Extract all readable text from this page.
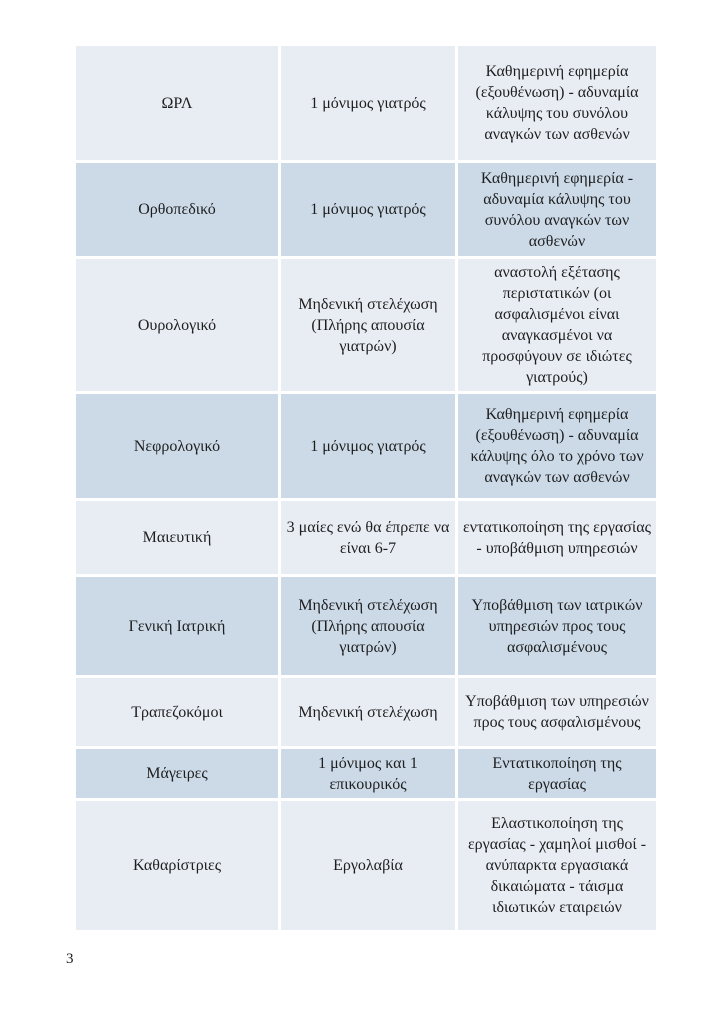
ΩΡΛ	1 μόνιμος γιατρός	Καθημερινή εφημερία (εξουθένωση) - αδυναμία κάλυψης του συνόλου αναγκών των ασθενών
Ορθοπεδικό	1 μόνιμος γιατρός	Καθημερινή εφημερία - αδυναμία κάλυψης του συνόλου αναγκών των ασθενών
Ουρολογικό	Μηδενική στελέχωση (Πλήρης απουσία γιατρών)	αναστολή εξέτασης περιστατικών (οι ασφαλισμένοι είναι αναγκασμένοι να προσφύγουν σε ιδιώτες γιατρούς)
Νεφρολογικό	1 μόνιμος γιατρός	Καθημερινή εφημερία (εξουθένωση) - αδυναμία κάλυψης όλο το χρόνο των αναγκών των ασθενών
Μαιευτική	3 μαίες ενώ θα έπρεπε να είναι 6-7	εντατικοποίηση της εργασίας - υποβάθμιση υπηρεσιών
Γενική Ιατρική	Μηδενική στελέχωση (Πλήρης απουσία γιατρών)	Υποβάθμιση των ιατρικών υπηρεσιών προς τους ασφαλισμένους
Τραπεζοκόμοι	Μηδενική στελέχωση	Υποβάθμιση των υπηρεσιών προς τους ασφαλισμένους
Μάγειρες	1 μόνιμος και 1 επικουρικός	Εντατικοποίηση της εργασίας
Καθαρίστριες	Εργολαβία	Ελαστικοποίηση της εργασίας - χαμηλοί μισθοί - ανύπαρκτα εργασιακά δικαιώματα - τάισμα ιδιωτικών εταιρειών
3
